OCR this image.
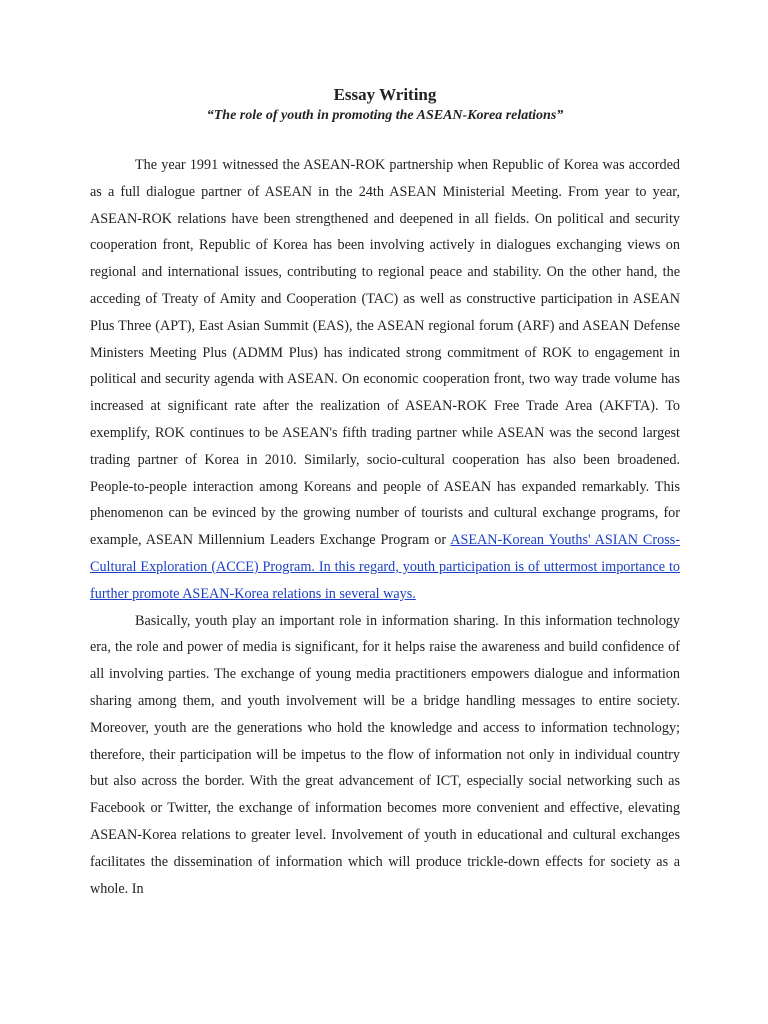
Essay Writing

“The role of youth in promoting the ASEAN-Korea relations”

The year 1991 witnessed the ASEAN-ROK partnership when Republic of Korea was accorded as a full dialogue partner of ASEAN in the 24th ASEAN Ministerial Meeting. From year to year, ASEAN-ROK relations have been strengthened and deepened in all fields. On political and security cooperation front, Republic of Korea has been involving actively in dialogues exchanging views on regional and international issues, contributing to regional peace and stability. On the other hand, the acceding of Treaty of Amity and Cooperation (TAC) as well as constructive participation in ASEAN Plus Three (APT), East Asian Summit (EAS), the ASEAN regional forum (ARF) and ASEAN Defense Ministers Meeting Plus (ADMM Plus) has indicated strong commitment of ROK to engagement in political and security agenda with ASEAN. On economic cooperation front, two way trade volume has increased at significant rate after the realization of ASEAN-ROK Free Trade Area (AKFTA). To exemplify, ROK continues to be ASEAN's fifth trading partner while ASEAN was the second largest trading partner of Korea in 2010. Similarly, socio-cultural cooperation has also been broadened. People-to-people interaction among Koreans and people of ASEAN has expanded remarkably. This phenomenon can be evinced by the growing number of tourists and cultural exchange programs, for example, ASEAN Millennium Leaders Exchange Program or ASEAN-Korean Youths' ASIAN Cross-Cultural Exploration (ACCE) Program. In this regard, youth participation is of uttermost importance to further promote ASEAN-Korea relations in several ways.

Basically, youth play an important role in information sharing. In this information technology era, the role and power of media is significant, for it helps raise the awareness and build confidence of all involving parties. The exchange of young media practitioners empowers dialogue and information sharing among them, and youth involvement will be a bridge handling messages to entire society. Moreover, youth are the generations who hold the knowledge and access to information technology; therefore, their participation will be impetus to the flow of information not only in individual country but also across the border. With the great advancement of ICT, especially social networking such as Facebook or Twitter, the exchange of information becomes more convenient and effective, elevating ASEAN-Korea relations to greater level. Involvement of youth in educational and cultural exchanges facilitates the dissemination of information which will produce trickle-down effects for society as a whole. In
